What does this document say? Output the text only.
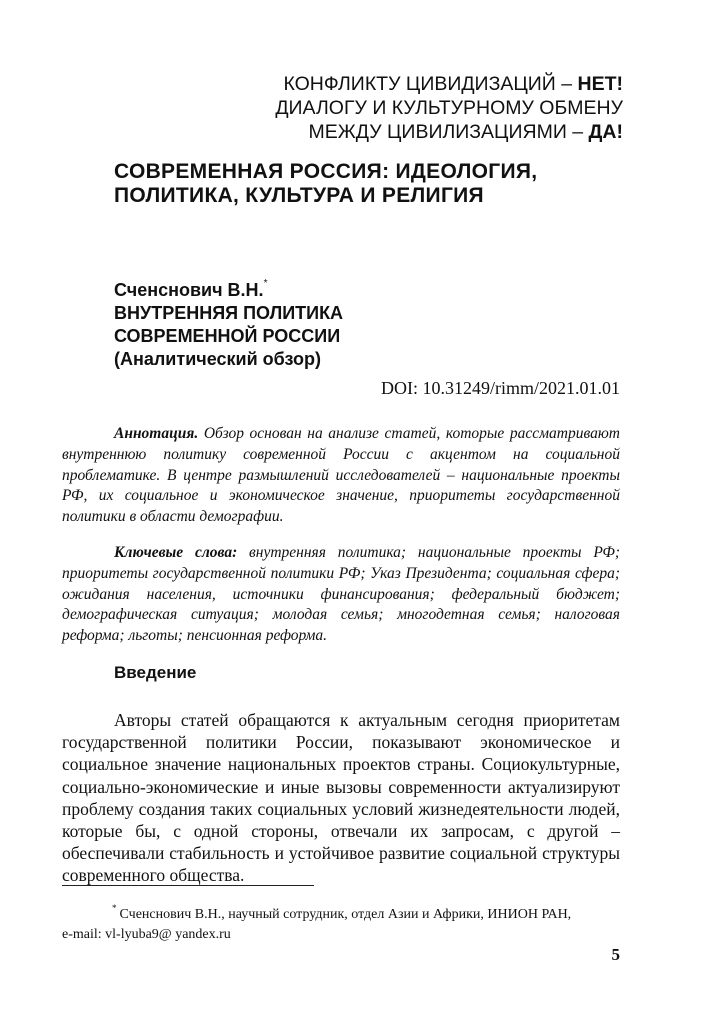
КОНФЛИКТУ ЦИВИДИЗАЦИЙ – НЕТ!
ДИАЛОГУ И КУЛЬТУРНОМУ ОБМЕНУ
МЕЖДУ ЦИВИЛИЗАЦИЯМИ – ДА!
СОВРЕМЕННАЯ РОССИЯ: ИДЕОЛОГИЯ,
ПОЛИТИКА, КУЛЬТУРА И РЕЛИГИЯ
Сченснович В.Н.*
ВНУТРЕННЯЯ ПОЛИТИКА
СОВРЕМЕННОЙ РОССИИ
(Аналитический обзор)
DOI: 10.31249/rimm/2021.01.01
Аннотация. Обзор основан на анализе статей, которые рассматривают внутреннюю политику современной России с акцентом на социальной проблематике. В центре размышлений исследователей – национальные проекты РФ, их социальное и экономическое значение, приоритеты государственной политики в области демографии.
Ключевые слова: внутренняя политика; национальные проекты РФ; приоритеты государственной политики РФ; Указ Президента; социальная сфера; ожидания населения, источники финансирования; федеральный бюджет; демографическая ситуация; молодая семья; многодетная семья; налоговая реформа; льготы; пенсионная реформа.
Введение
Авторы статей обращаются к актуальным сегодня приоритетам государственной политики России, показывают экономическое и социальное значение национальных проектов страны. Социокультурные, социально-экономические и иные вызовы современности актуализируют проблему создания таких социальных условий жизнедеятельности людей, которые бы, с одной стороны, отвечали их запросам, с другой – обеспечивали стабильность и устойчивое развитие социальной структуры современного общества.
* Сченснович В.Н., научный сотрудник, отдел Азии и Африки, ИНИОН РАН,
e-mail: vl-lyuba9@ yandex.ru
5
